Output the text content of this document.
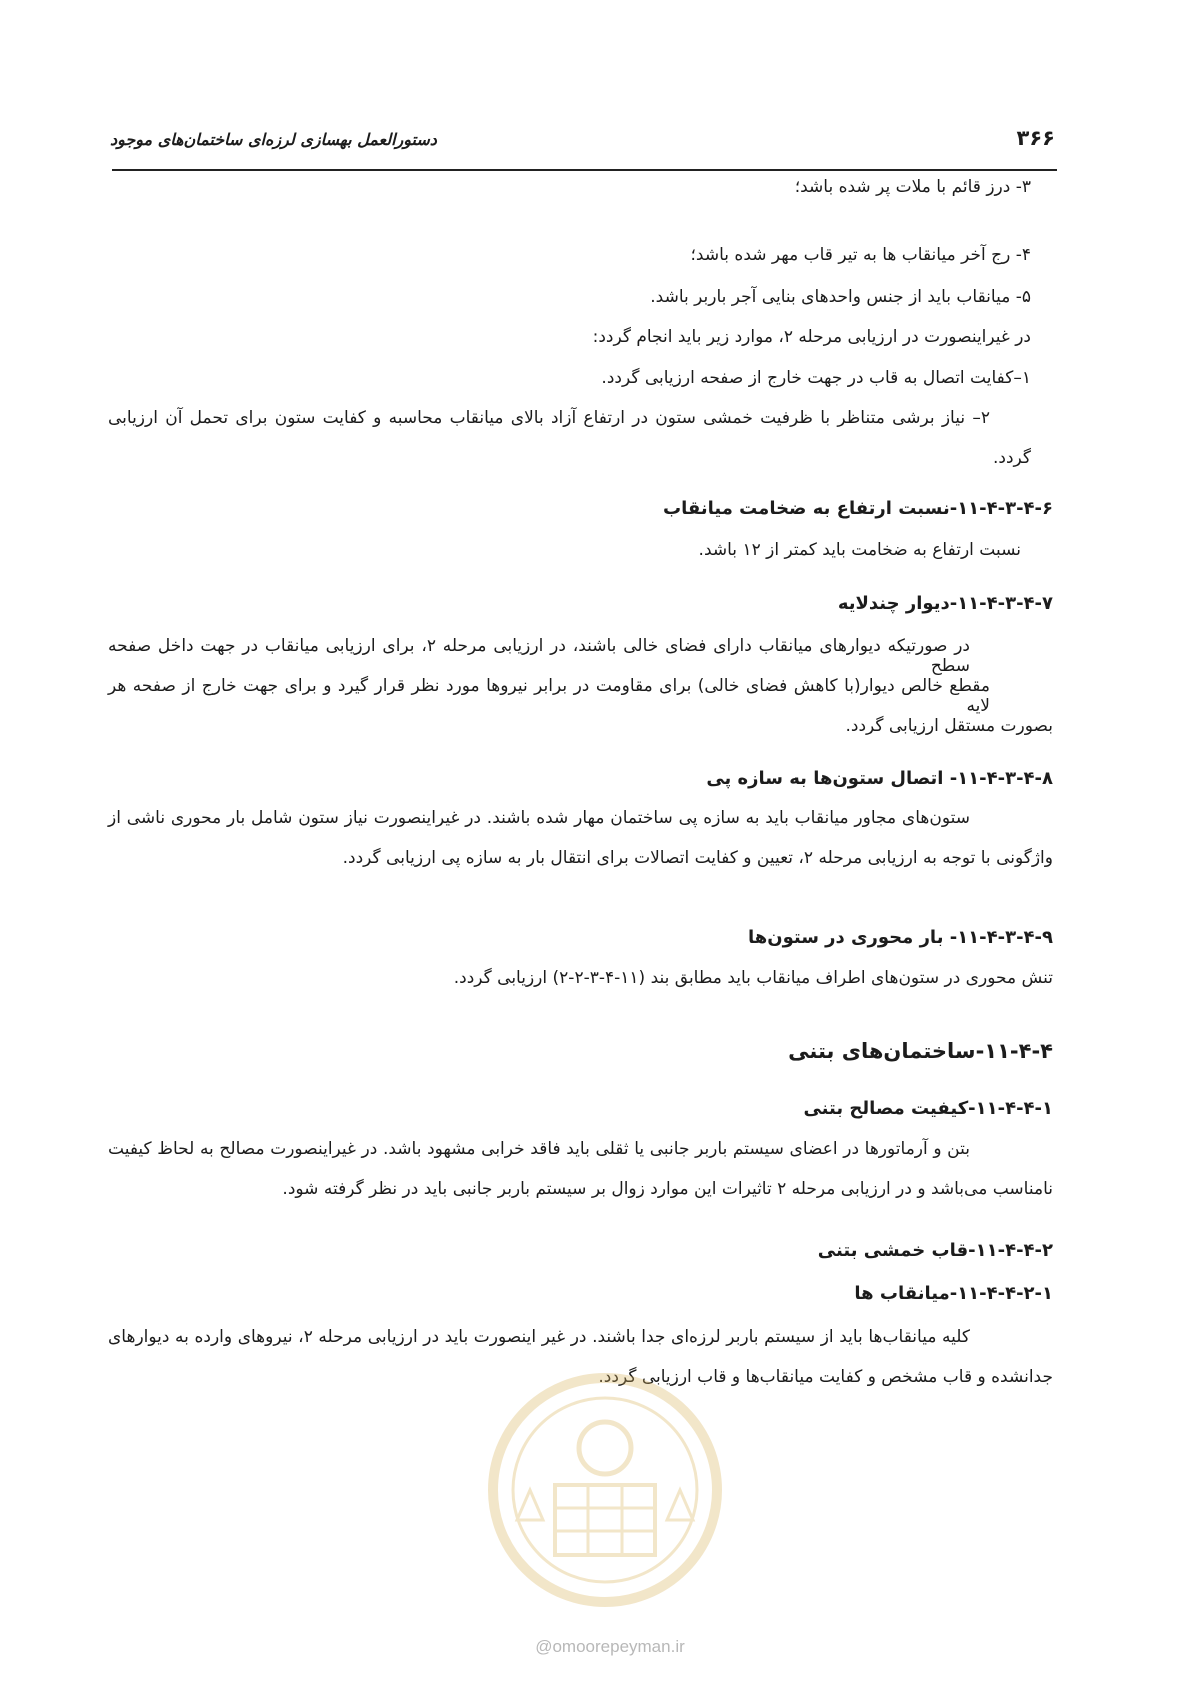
۳۶۶
دستورالعمل بهسازی لرزه‌ای ساختمان‌های موجود
۳- درز قائم با ملات پر شده باشد؛
۴- رج آخر میانقاب ها به تیر قاب مهر شده باشد؛
۵- میانقاب باید از جنس واحدهای بنایی آجر باربر باشد.
در غیراینصورت در ارزیابی مرحله ۲، موارد زیر باید انجام گردد:
۱–کفایت اتصال به قاب در جهت خارج از صفحه ارزیابی گردد.
۲– نیاز برشی متناظر با ظرفیت خمشی ستون در ارتفاع آزاد بالای میانقاب محاسبه و کفایت ستون برای تحمل آن ارزیابی
گردد.
۱۱-۴-۳-۴-۶-نسبت ارتفاع به ضخامت میانقاب
نسبت ارتفاع به ضخامت باید کمتر از ۱۲ باشد.
۱۱-۴-۳-۴-۷-دیوار چندلایه
در صورتیکه دیوارهای میانقاب دارای فضای خالی باشند، در ارزیابی مرحله ۲، برای ارزیابی میانقاب در جهت داخل صفحه سطح
مقطع خالص دیوار(با کاهش فضای خالی) برای مقاومت در برابر نیروها مورد نظر قرار گیرد و برای جهت خارج از صفحه هر لایه
بصورت مستقل ارزیابی گردد.
۱۱-۴-۳-۴-۸- اتصال ستون‌ها به سازه پی
ستون‌های مجاور میانقاب باید به سازه پی ساختمان مهار شده باشند. در غیراینصورت نیاز ستون شامل بار محوری ناشی از
واژگونی با توجه به ارزیابی مرحله ۲، تعیین و کفایت اتصالات برای انتقال بار به سازه پی ارزیابی گردد.
۱۱-۴-۳-۴-۹- بار محوری در ستون‌ها
تنش محوری در ستون‌های اطراف میانقاب باید مطابق بند (۱۱-۴-۳-۲-۲) ارزیابی گردد.
۱۱-۴-۴-ساختمان‌های بتنی
۱۱-۴-۴-۱-کیفیت مصالح بتنی
بتن و آرماتورها در اعضای سیستم باربر جانبی یا ثقلی باید فاقد خرابی مشهود باشد. در غیراینصورت مصالح به لحاظ کیفیت
نامناسب می‌باشد و در ارزیابی مرحله ۲ تاثیرات این موارد زوال بر سیستم باربر جانبی باید در نظر گرفته شود.
۱۱-۴-۴-۲-قاب خمشی بتنی
۱۱-۴-۴-۲-۱-میانقاب ها
کلیه میانقاب‌ها باید از سیستم باربر لرزه‌ای جدا باشند. در غیر اینصورت باید در ارزیابی مرحله ۲، نیروهای وارده به دیوارهای
جدانشده و قاب مشخص و کفایت میانقاب‌ها و قاب ارزیابی گردد.
@omoorepeyman.ir
